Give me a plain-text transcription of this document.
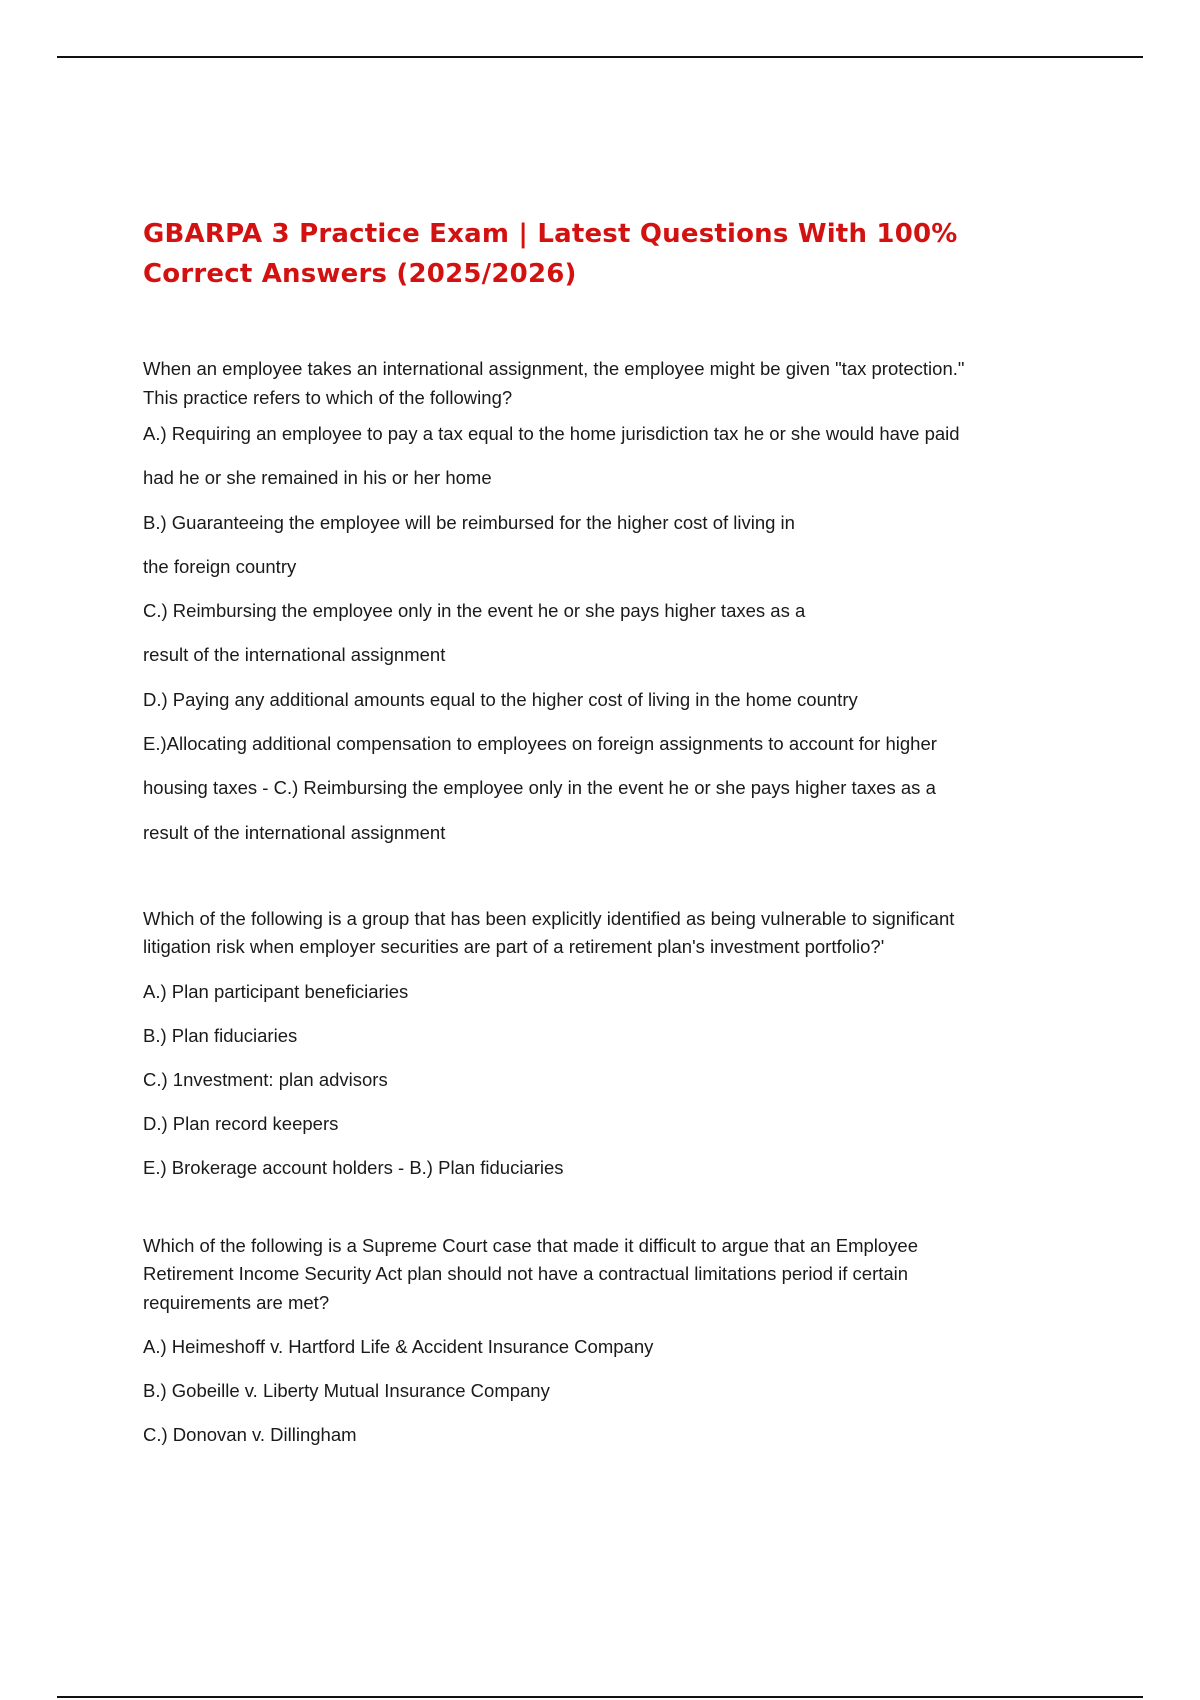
GBARPA 3 Practice Exam | Latest Questions With 100%
Correct Answers (2025/2026)

When an employee takes an international assignment, the employee might be given "tax protection."
This practice refers to which of the following?

A.) Requiring an employee to pay a tax equal to the home jurisdiction tax he or she would have paid

had he or she remained in his or her home

B.) Guaranteeing the employee will be reimbursed for the higher cost of living in

the foreign country

C.) Reimbursing the employee only in the event he or she pays higher taxes as a

result of the international assignment

D.) Paying any additional amounts equal to the higher cost of living in the home country

E.)Allocating additional compensation to employees on foreign assignments to account for higher

housing taxes - C.) Reimbursing the employee only in the event he or she pays higher taxes as a

result of the international assignment

Which of the following is a group that has been explicitly identified as being vulnerable to significant
litigation risk when employer securities are part of a retirement plan's investment portfolio?'

A.) Plan participant beneficiaries

B.) Plan fiduciaries

C.) 1nvestment: plan advisors

D.) Plan record keepers

E.) Brokerage account holders - B.) Plan fiduciaries

Which of the following is a Supreme Court case that made it difficult to argue that an Employee
Retirement Income Security Act plan should not have a contractual limitations period if certain
requirements are met?

A.) Heimeshoff v. Hartford Life & Accident Insurance Company

B.) Gobeille v. Liberty Mutual Insurance Company

C.) Donovan v. Dillingham
